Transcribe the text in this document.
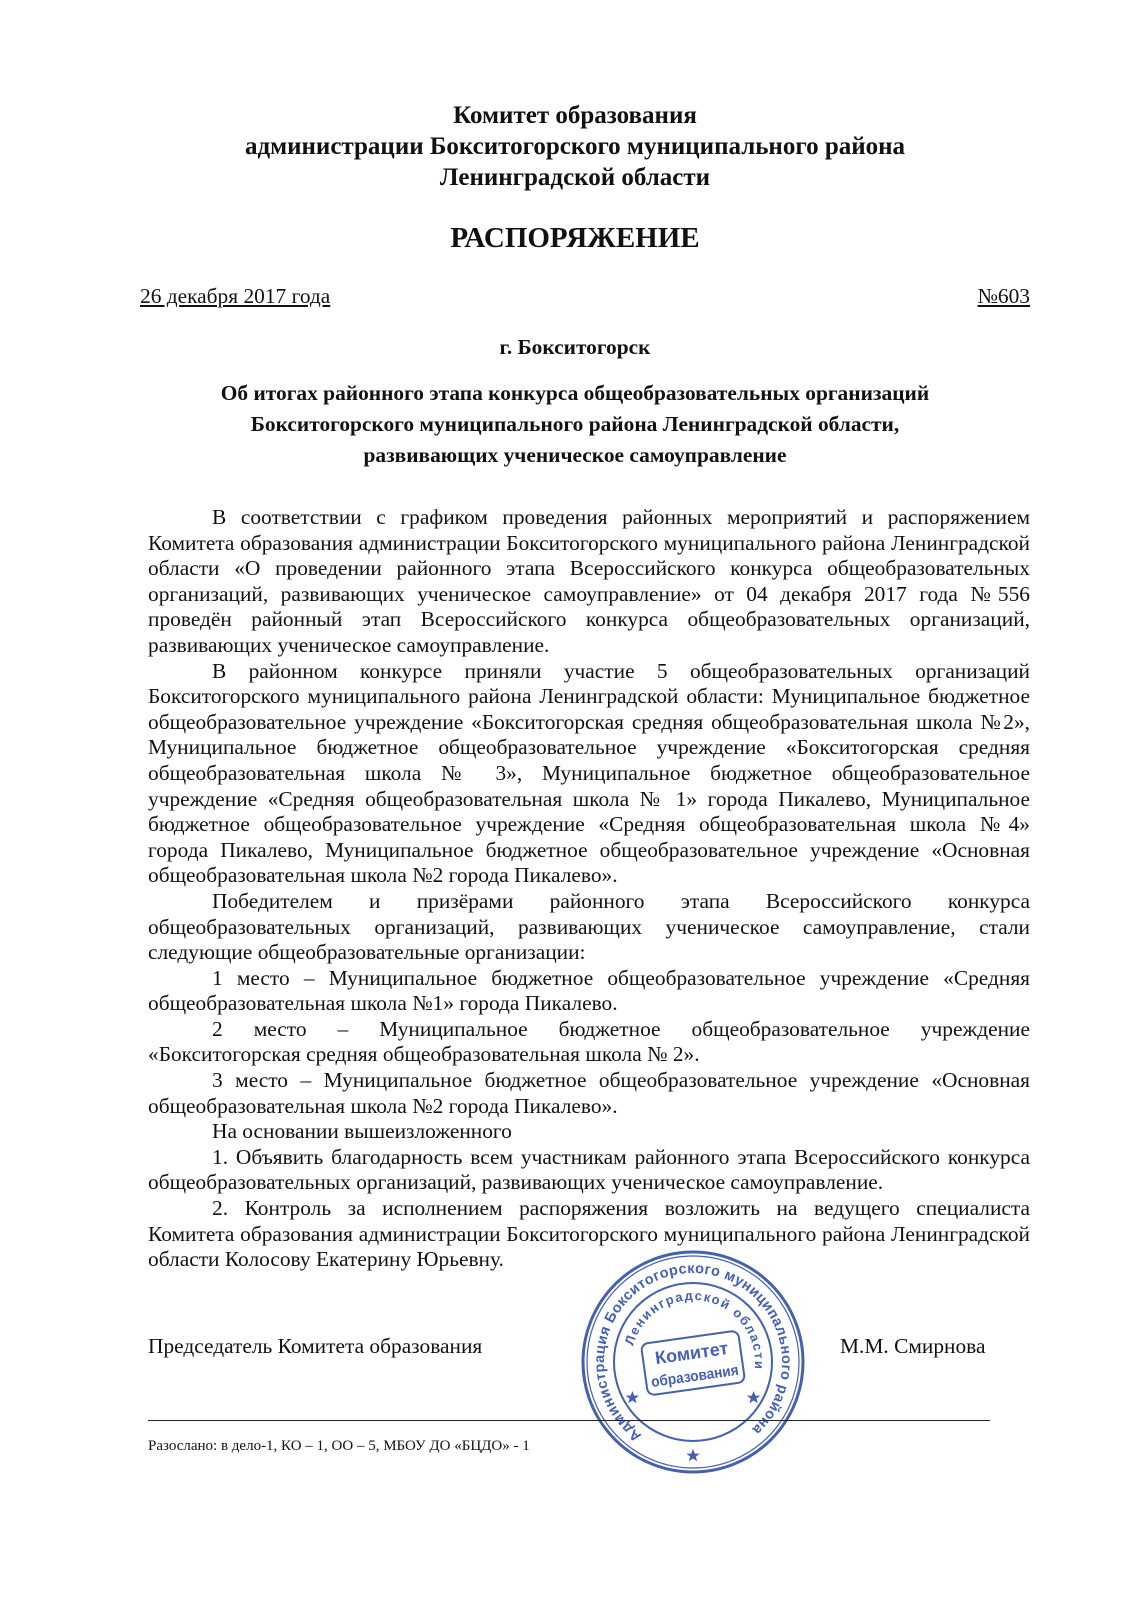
Комитет образования
администрации Бокситогорского муниципального района
Ленинградской области
РАСПОРЯЖЕНИЕ
26 декабря 2017 года	№603
г. Бокситогорск
Об итогах районного этапа конкурса общеобразовательных организаций
Бокситогорского муниципального района Ленинградской области,
развивающих ученическое самоуправление

В соответствии с графиком проведения районных мероприятий и распоряжением Комитета образования администрации Бокситогорского муниципального района Ленинградской области «О проведении районного этапа Всероссийского конкурса общеобразовательных организаций, развивающих ученическое самоуправление» от 04 декабря 2017 года №556 проведён районный этап Всероссийского конкурса общеобразовательных организаций, развивающих ученическое самоуправление.

В районном конкурсе приняли участие 5 общеобразовательных организаций Бокситогорского муниципального района Ленинградской области: Муниципальное бюджетное общеобразовательное учреждение «Бокситогорская средняя общеобразовательная школа №2», Муниципальное бюджетное общеобразовательное учреждение «Бокситогорская средняя общеобразовательная школа № 3», Муниципальное бюджетное общеобразовательное учреждение «Средняя общеобразовательная школа № 1» города Пикалево, Муниципальное бюджетное общеобразовательное учреждение «Средняя общеобразовательная школа №4» города Пикалево, Муниципальное бюджетное общеобразовательное учреждение «Основная общеобразовательная школа №2 города Пикалево».

Победителем и призёрами районного этапа Всероссийского конкурса общеобразовательных организаций, развивающих ученическое самоуправление, стали следующие общеобразовательные организации:

1 место – Муниципальное бюджетное общеобразовательное учреждение «Средняя общеобразовательная школа №1» города Пикалево.

2 место – Муниципальное бюджетное общеобразовательное учреждение «Бокситогорская средняя общеобразовательная школа № 2».

3 место – Муниципальное бюджетное общеобразовательное учреждение «Основная общеобразовательная школа №2 города Пикалево».

На основании вышеизложенного

1. Объявить благодарность всем участникам районного этапа Всероссийского конкурса общеобразовательных организаций, развивающих ученическое самоуправление.

2. Контроль за исполнением распоряжения возложить на ведущего специалиста Комитета образования администрации Бокситогорского муниципального района Ленинградской области Колосову Екатерину Юрьевну.

Председатель Комитета образования	М.М. Смирнова
Администрация Бокситогорского муниципального района
Ленинградской области
Комитет
образования
Разослано: в дело-1, КО – 1, ОО – 5, МБОУ ДО «БЦДО» - 1
